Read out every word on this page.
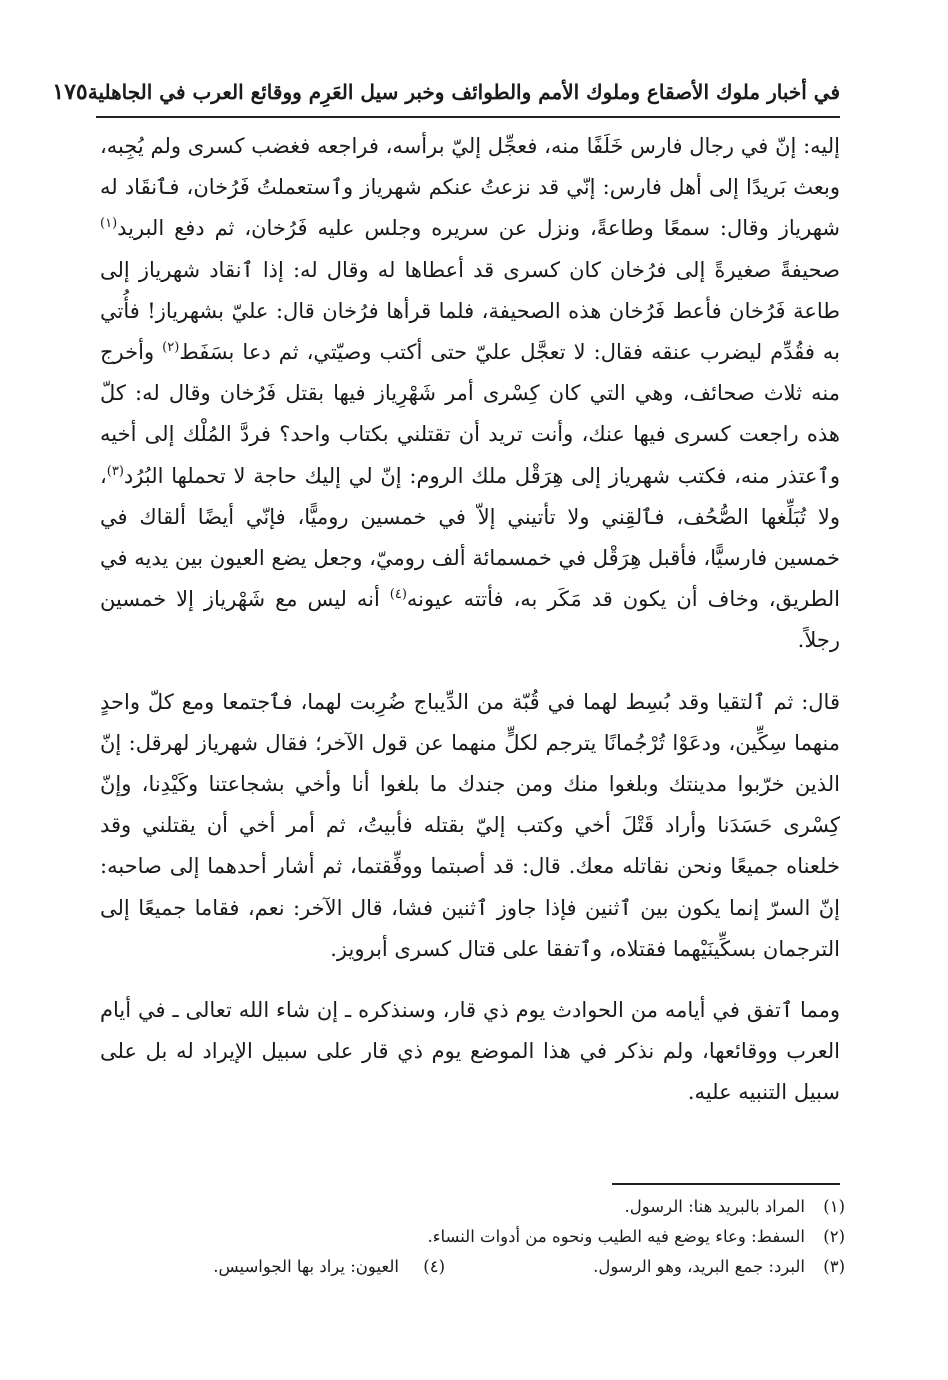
في أخبار ملوك الأصقاع وملوك الأمم والطوائف وخبر سيل العَرِم ووقائع العرب في الجاهلية
١٧٥

إليه: إنّ في رجال فارس خَلَفًا منه، فعجِّل إليّ برأسه، فراجعه فغضب كسرى ولم يُجِبه، وبعث بَريدًا إلى أهل فارس: إنّي قد نزعتُ عنكم شهرياز وٱستعملتُ فَرُخان، فٱنقَاد له شهرياز وقال: سمعًا وطاعةً، ونزل عن سريره وجلس عليه فَرُخان، ثم دفع البريد$^{(١)}$ صحيفةً صغيرةً إلى فرُخان كان كسرى قد أعطاها له وقال له: إذا ٱنقاد شهرياز إلى طاعة فَرُخان فأعط فَرُخان هذه الصحيفة، فلما قرأها فرُخان قال: عليّ بشهرياز! فأُتي به فقُدِّم ليضرب عنقه فقال: لا تعجَّل عليّ حتى أكتب وصيّتي، ثم دعا بسَفَط$^{(٢)}$ وأخرج منه ثلاث صحائف، وهي التي كان كِسْرى أمر شَهْرِياز فيها بقتل فَرُخان وقال له: كلّ هذه راجعت كسرى فيها عنك، وأنت تريد أن تقتلني بكتاب واحد؟ فردَّ المُلْك إلى أخيه وٱعتذر منه، فكتب شهرياز إلى هِرَقْل ملك الروم: إنّ لي إليك حاجة لا تحملها البُرُد$^{(٣)}$، ولا تُبَلِّغها الصُّحُف، فٱلقِني ولا تأتيني إلاّ في خمسين روميًّا، فإنّي أيضًا ألقاك في خمسين فارسيًّا، فأقبل هِرَقْل في خمسمائة ألف روميّ، وجعل يضع العيون بين يديه في الطريق، وخاف أن يكون قد مَكَر به، فأتته عيونه$^{(٤)}$ أنه ليس مع شَهْرياز إلا خمسين رجلاً.

قال: ثم ٱلتقيا وقد بُسِط لهما في قُبّة من الدِّيباج ضُرِبت لهما، فٱجتمعا ومع كلّ واحدٍ منهما سِكِّين، ودعَوْا تُرْجُمانًا يترجم لكلٍّ منهما عن قول الآخر؛ فقال شهرياز لهرقل: إنّ الذين خرّبوا مدينتك وبلغوا منك ومن جندك ما بلغوا أنا وأخي بشجاعتنا وكَيْدِنا، وإنّ كِسْرى حَسَدَنا وأراد قَتْلَ أخي وكتب إليّ بقتله فأبيتُ، ثم أمر أخي أن يقتلني وقد خلعناه جميعًا ونحن نقاتله معك. قال: قد أصبتما ووفِّقتما، ثم أشار أحدهما إلى صاحبه: إنّ السرّ إنما يكون بين ٱثنين فإذا جاوز ٱثنين فشا، قال الآخر: نعم، فقاما جميعًا إلى الترجمان بسكِّينَيْهما فقتلاه، وٱتفقا على قتال كسرى أبرويز.

ومما ٱتفق في أيامه من الحوادث يوم ذي قار، وسنذكره ـ إن شاء الله تعالى ـ في أيام العرب ووقائعها، ولم نذكر في هذا الموضع يوم ذي قار على سبيل الإيراد له بل على سبيل التنبيه عليه.

(١)
المراد بالبريد هنا: الرسول.
(٢)
السفط: وعاء يوضع فيه الطيب ونحوه من أدوات النساء.
(٣)
البرد: جمع البريد، وهو الرسول.
(٤)
العيون: يراد بها الجواسيس.
